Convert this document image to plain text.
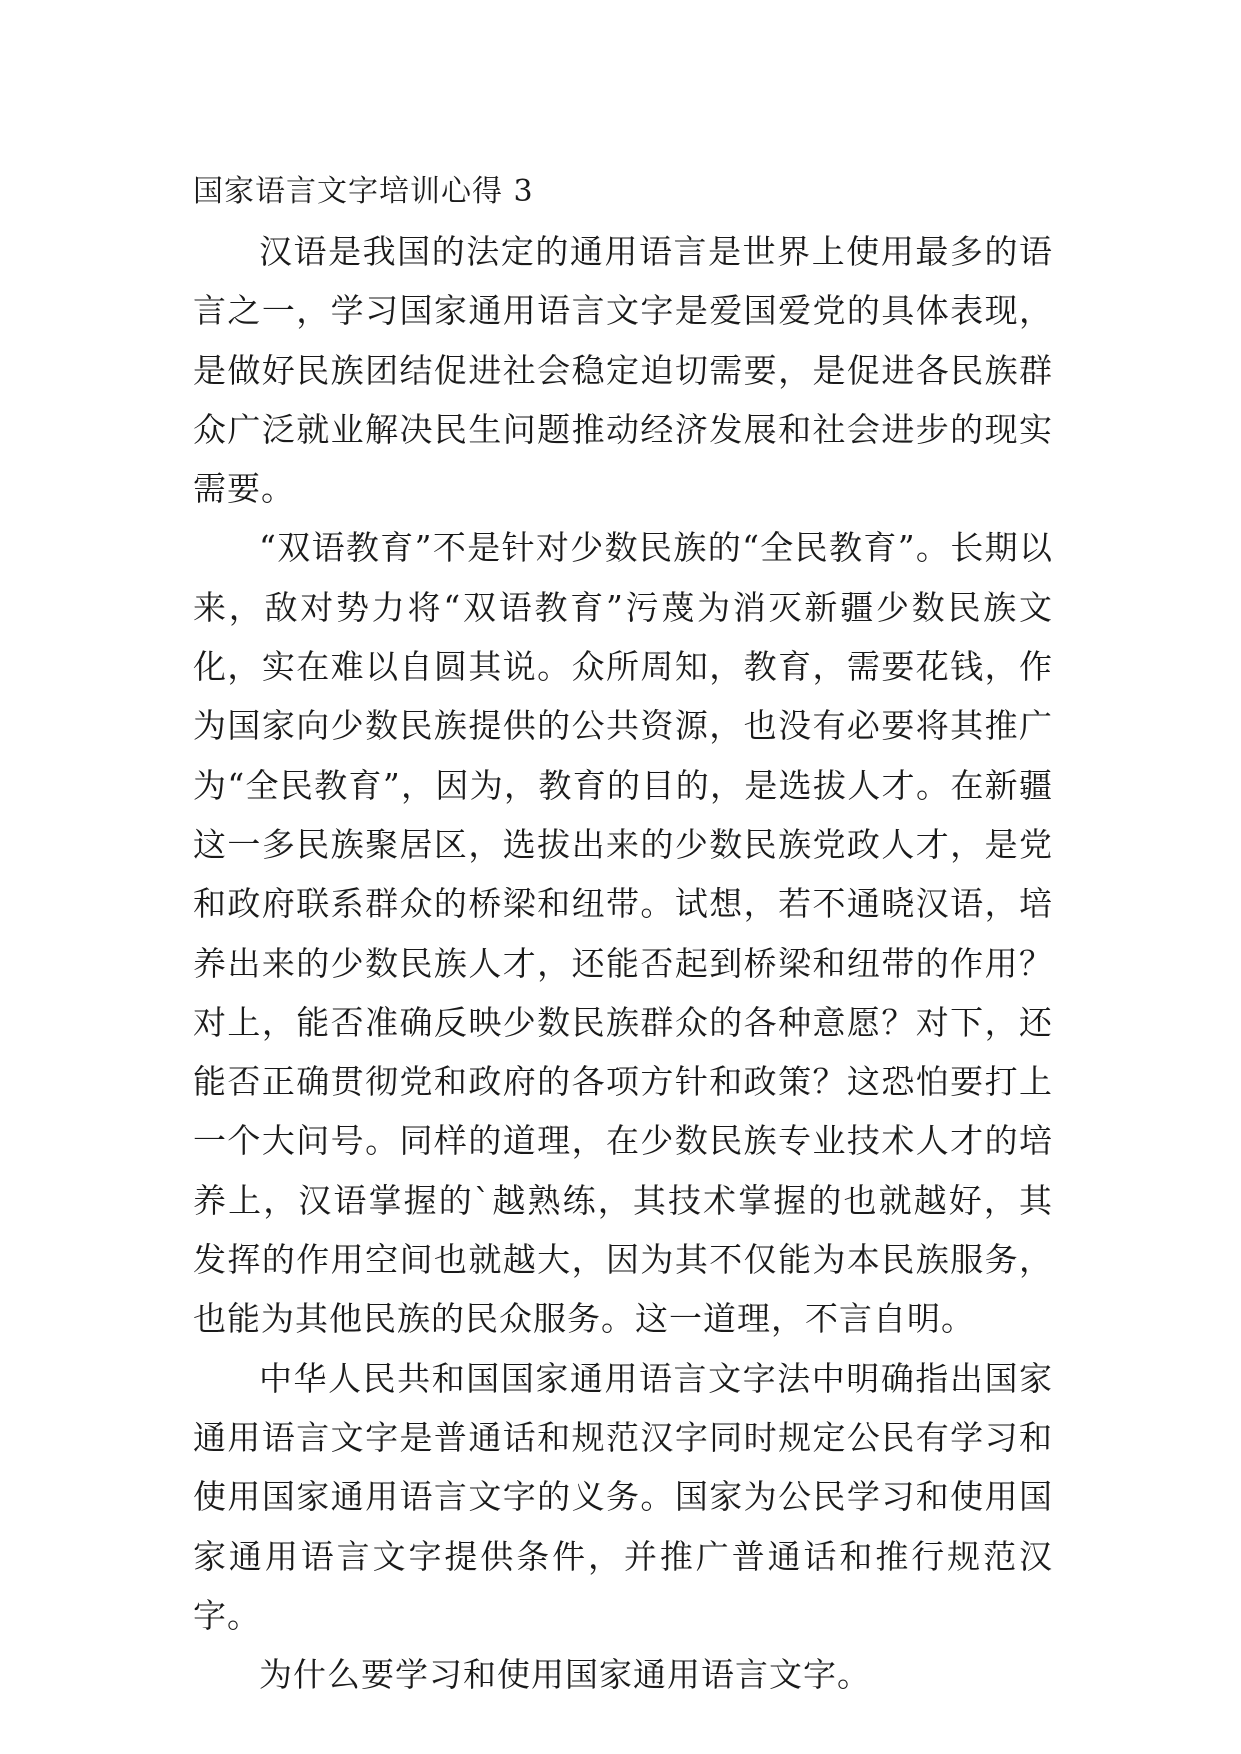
国家语言文字培训心得 3

汉语是我国的法定的通用语言是世界上使用最多的语言之一，学习国家通用语言文字是爱国爱党的具体表现，是做好民族团结促进社会稳定迫切需要，是促进各民族群众广泛就业解决民生问题推动经济发展和社会进步的现实需要。

“双语教育”不是针对少数民族的“全民教育”。长期以来，敌对势力将“双语教育”污蔑为消灭新疆少数民族文化，实在难以自圆其说。众所周知，教育，需要花钱，作为国家向少数民族提供的公共资源，也没有必要将其推广为“全民教育”，因为，教育的目的，是选拔人才。在新疆这一多民族聚居区，选拔出来的少数民族党政人才，是党和政府联系群众的桥梁和纽带。试想，若不通晓汉语，培养出来的少数民族人才，还能否起到桥梁和纽带的作用？对上，能否准确反映少数民族群众的各种意愿？对下，还能否正确贯彻党和政府的各项方针和政策？这恐怕要打上一个大问号。同样的道理，在少数民族专业技术人才的培养上，汉语掌握的`越熟练，其技术掌握的也就越好，其发挥的作用空间也就越大，因为其不仅能为本民族服务，也能为其他民族的民众服务。这一道理，不言自明。

中华人民共和国国家通用语言文字法中明确指出国家通用语言文字是普通话和规范汉字同时规定公民有学习和使用国家通用语言文字的义务。国家为公民学习和使用国家通用语言文字提供条件，并推广普通话和推行规范汉字。

为什么要学习和使用国家通用语言文字。
